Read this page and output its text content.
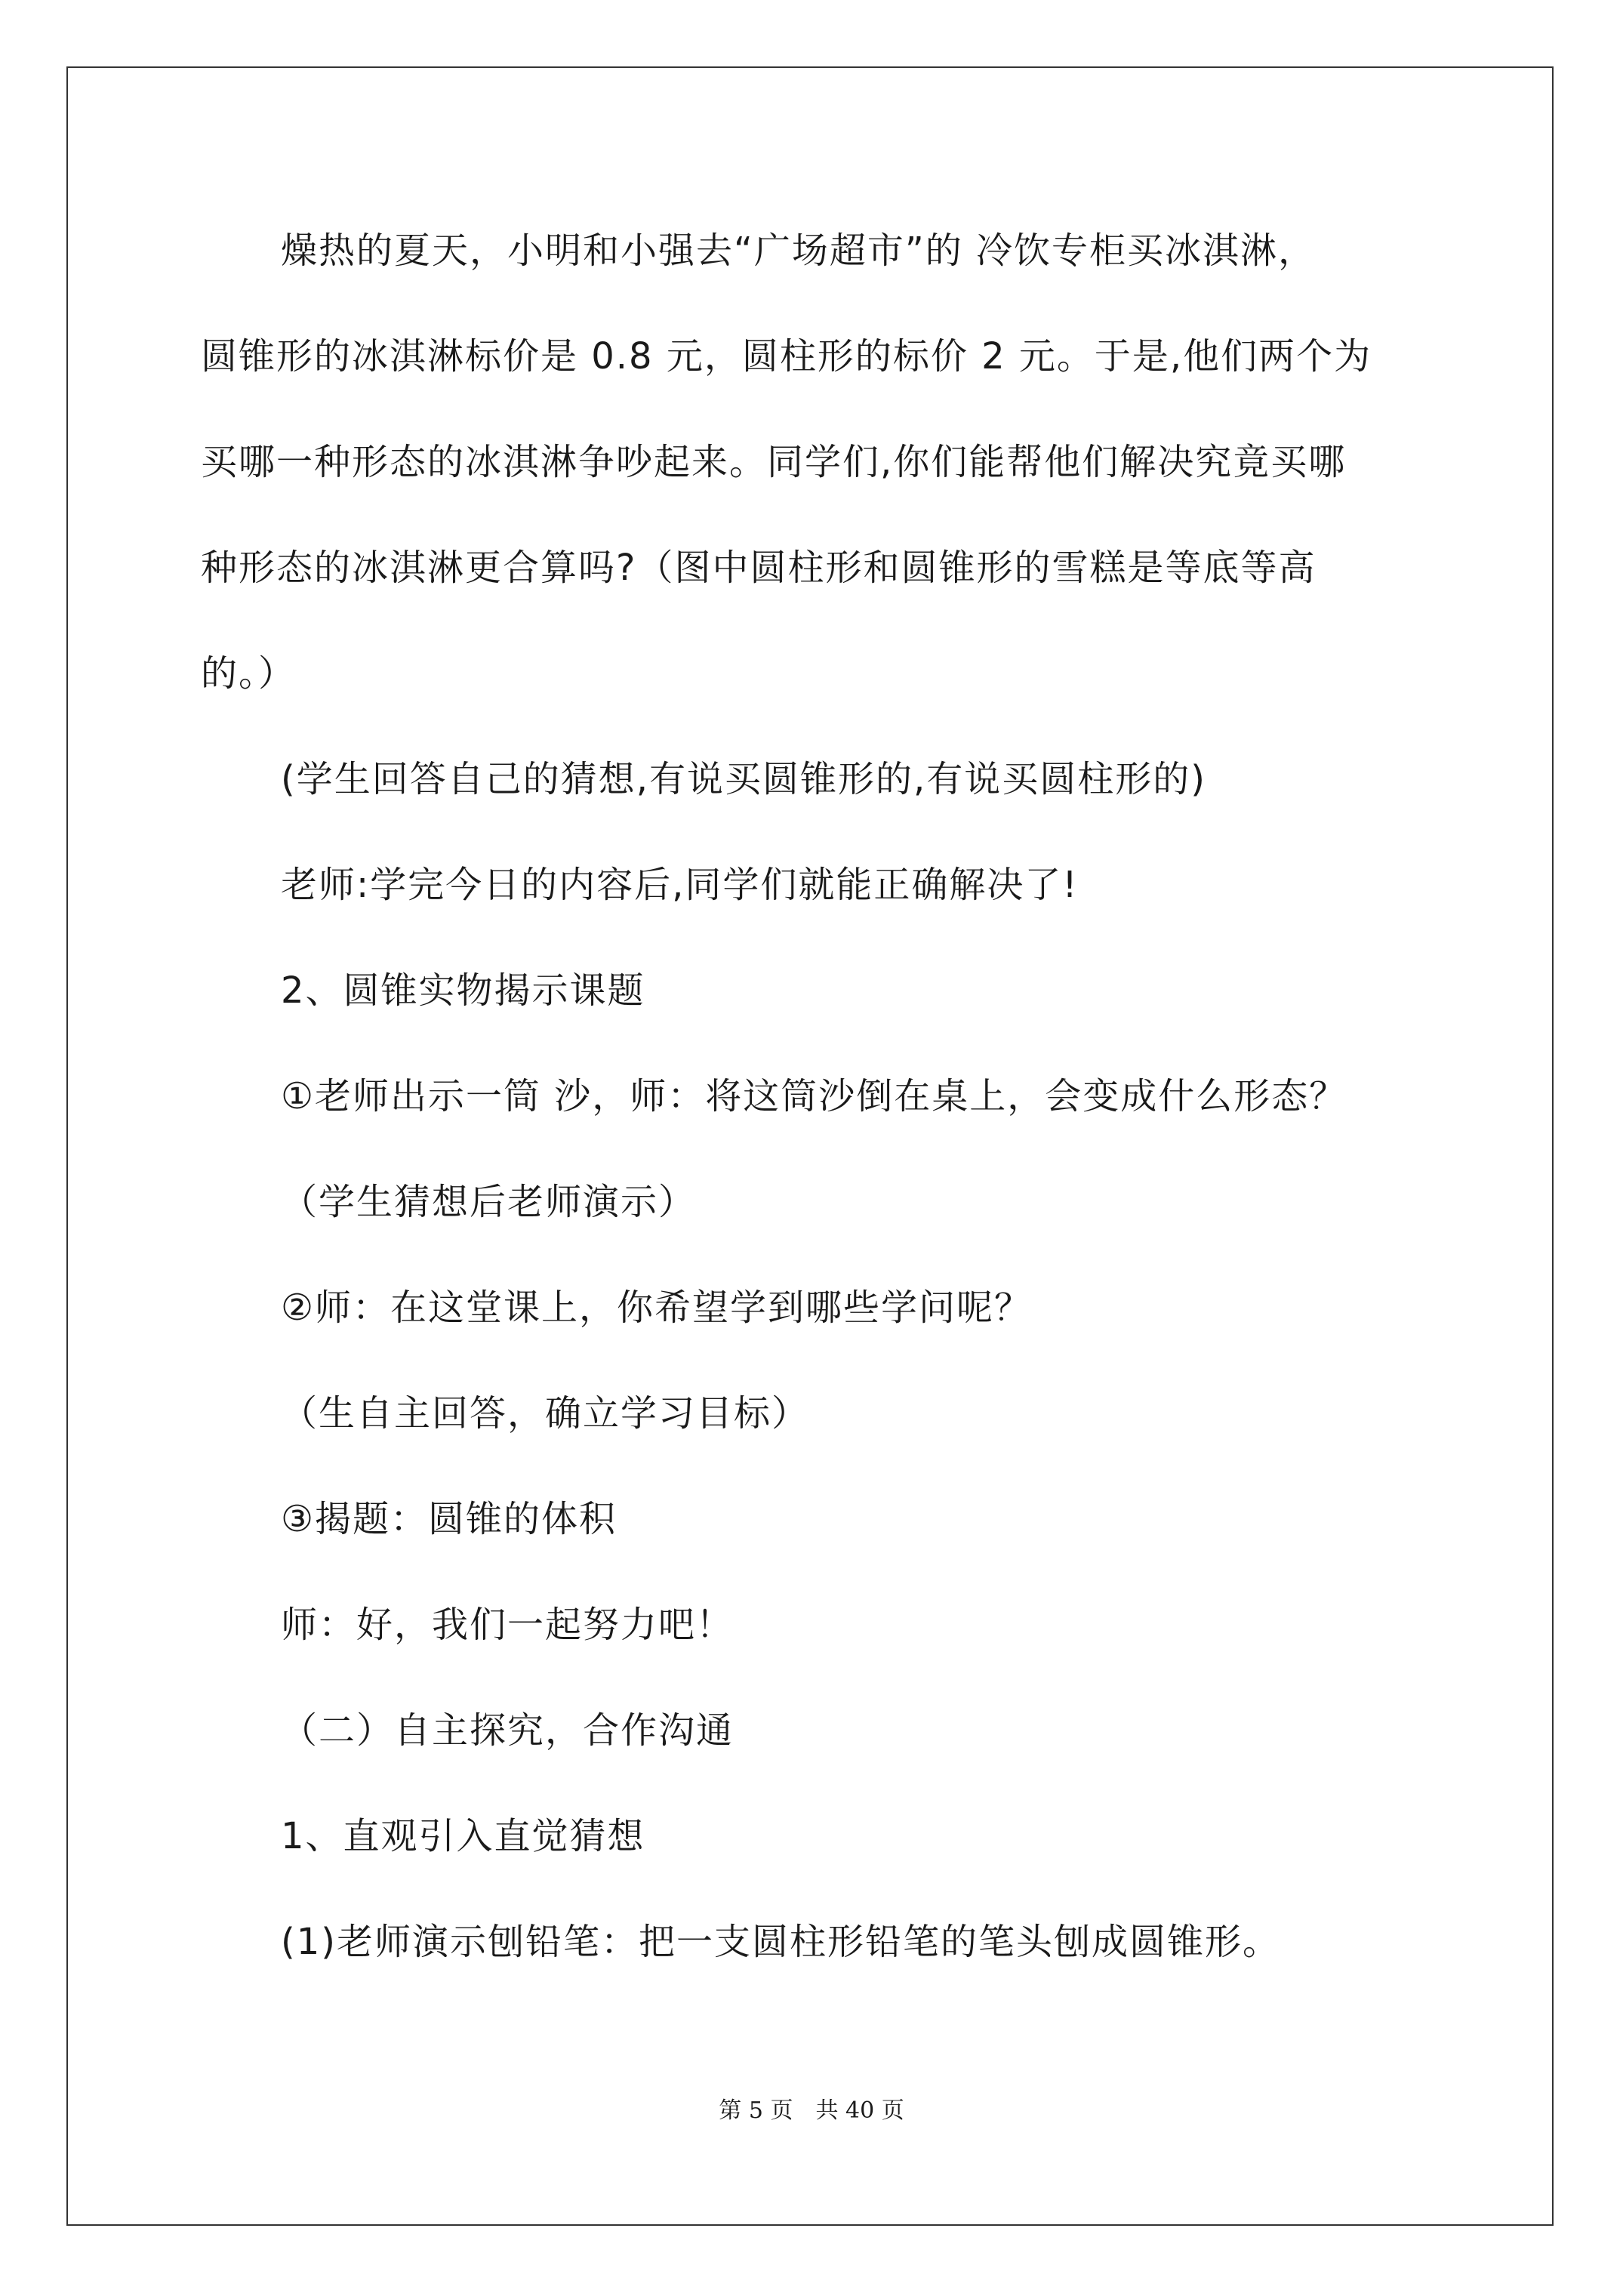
燥热的夏天，小明和小强去“广场超市”的 冷饮专柜买冰淇淋，
圆锥形的冰淇淋标价是 0.8 元，圆柱形的标价 2 元。于是,他们两个为
买哪一种形态的冰淇淋争吵起来。同学们,你们能帮他们解决究竟买哪
种形态的冰淇淋更合算吗?（图中圆柱形和圆锥形的雪糕是等底等高
的。）
(学生回答自己的猜想,有说买圆锥形的,有说买圆柱形的)
老师:学完今日的内容后,同学们就能正确解决了!
2、圆锥实物揭示课题
①老师出示一筒 沙，师：将这筒沙倒在桌上，会变成什么形态？
（学生猜想后老师演示）
②师：在这堂课上，你希望学到哪些学问呢？
（生自主回答，确立学习目标）
③揭题：圆锥的体积
师：好，我们一起努力吧！
（二）自主探究，合作沟通
1、直观引入直觉猜想
(1)老师演示刨铅笔：把一支圆柱形铅笔的笔头刨成圆锥形。
第 5 页　共 40 页
